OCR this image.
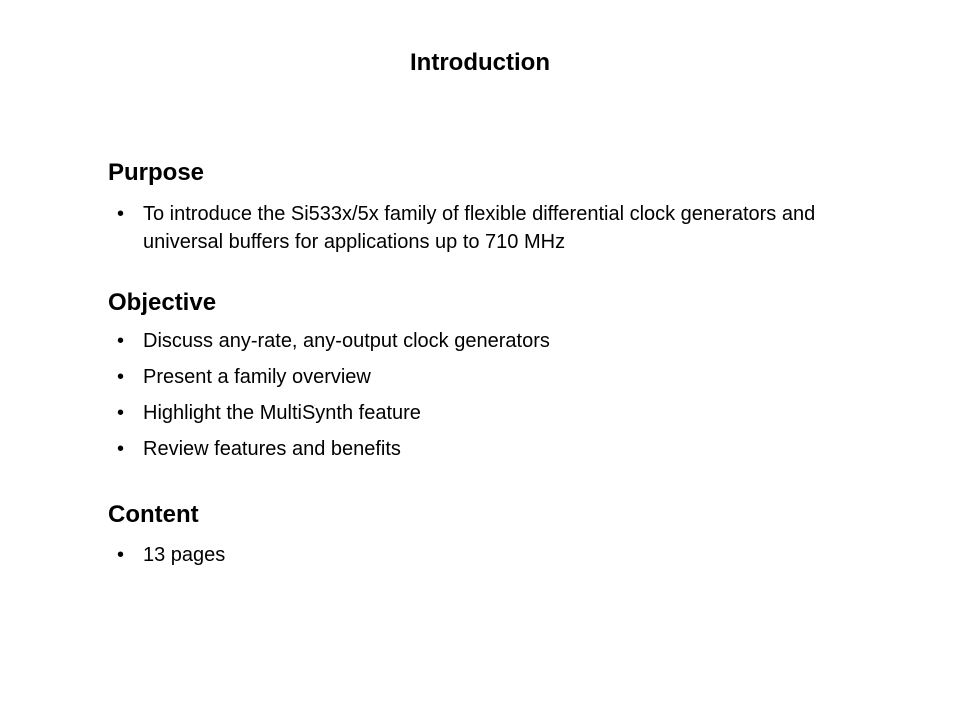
Introduction
Purpose
• To introduce the Si533x/5x family of flexible differential clock generators and universal buffers for applications up to 710 MHz
Objective
• Discuss any-rate, any-output clock generators
• Present a family overview
• Highlight the MultiSynth feature
• Review features and benefits
Content
• 13 pages
